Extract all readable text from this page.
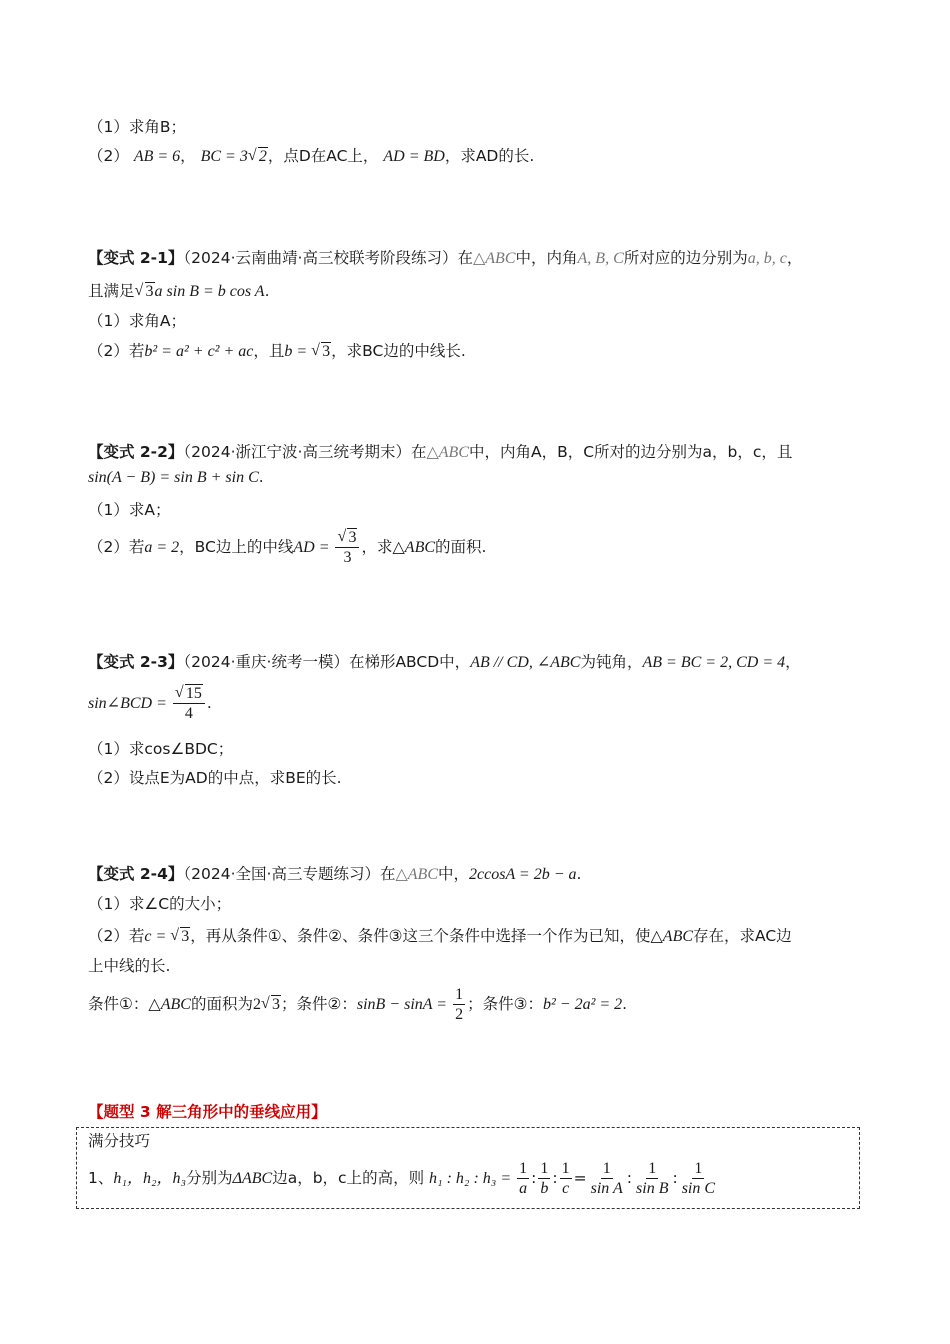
（1）求角B；
（2） AB = 6， BC = 3 √ 2，点D在AC上， AD = BD，求AD的长.
【变式 2-1】（2024·云南曲靖·高三校联考阶段练习）在△ABC中，内角A, B, C所对应的边分别为a, b, c，
且满足 √ 3a sin B = b cos A.
（1）求角A；
（2）若b² = a² + c² + ac，且b = √ 3，求BC边的中线长.
【变式 2-2】（2024·浙江宁波·高三统考期末）在△ABC中，内角A，B，C所对的边分别为a，b，c，且
sin(A − B) = sin B + sin C.
（1）求A；
（2）若a = 2，BC边上的中线AD = √ $\frac{3}{3}$ ，求△ABC的面积.
【变式 2-3】（2024·重庆·统考一模）在梯形ABCD中，AB // CD, ∠ABC为钝角，AB = BC = 2, CD = 4，
sin∠BCD = √ $\frac{15}{4}$ .
（1）求cos∠BDC；
（2）设点E为AD的中点，求BE的长.
【变式 2-4】（2024·全国·高三专题练习）在△ABC中，2ccosA = 2b − a.
（1）求∠C的大小；
（2）若c = √ 3，再从条件①、条件②、条件③这三个条件中选择一个作为已知，使△ABC存在，求AC边
上中线的长.
条件①：△ABC的面积为2 √ 3；条件②：$\sin B - \sin A = \frac{1}{2}$ ；条件③：b² − 2a² = 2.
【题型 3 解三角形中的垂线应用】
满分技巧
1、h₁，h₂，h₃分别为ΔABC边a，b，c上的高，则 h₁ : h₂ : $h_3 = \frac{1}{a}$ : $\frac{1}{b}$ : $\frac{1}{c} = \frac{1}{\text{sin A}}$ : $\frac{1}{\text{sin B}}$ : $\frac{1}{\text{sin C}}$
